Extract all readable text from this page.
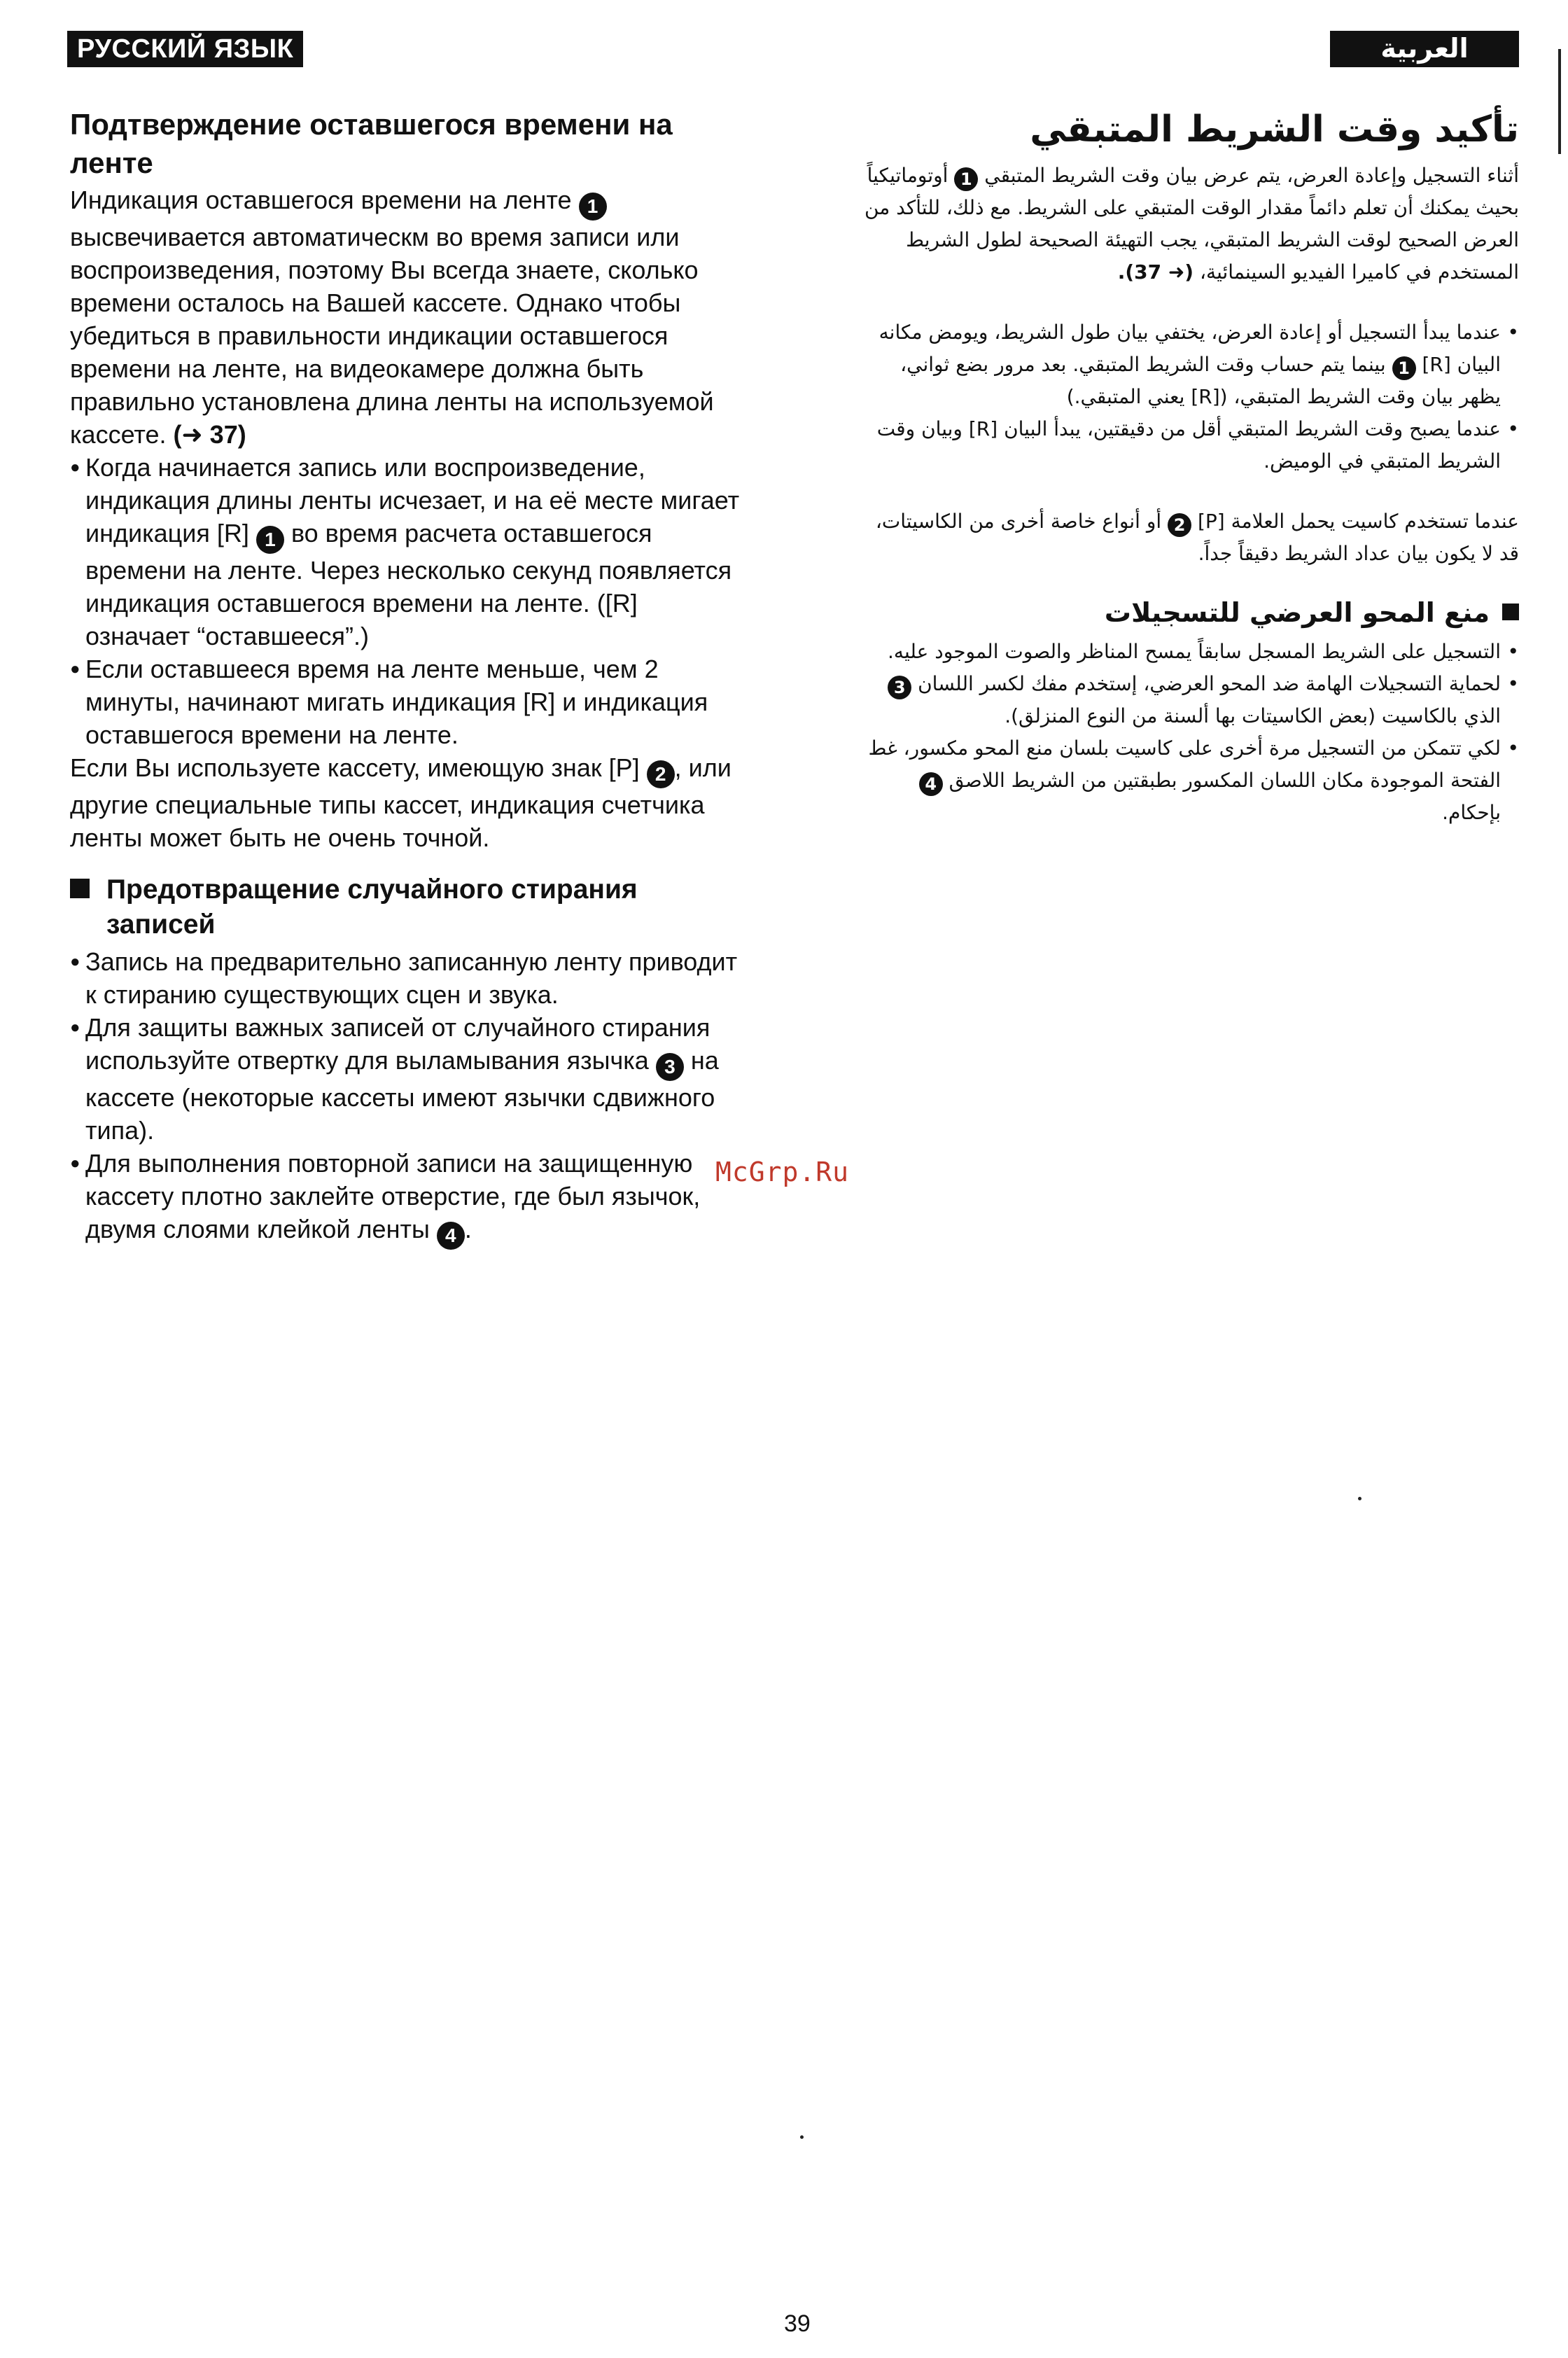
РУССКИЙ ЯЗЫК	العربية
Подтверждение оставшегося времени на ленте

Индикация оставшегося времени на ленте 1 высвечивается автоматическм во время записи или воспроизведения, поэтому Вы всегда знаете, сколько времени осталось на Вашей кассете. Однако чтобы убедиться в правильности индикации оставшегося времени на ленте, на видеокамере должна быть правильно установлена длина ленты на используемой кассете. (➜ 37)

● Когда начинается запись или воспроизведение, индикация длины ленты исчезает, и на её месте мигает индикация [R] 1 во время расчета оставшегося времени на ленте. Через несколько секунд появляется индикация оставшегося времени на ленте. ([R] означает “оставшееся”.)

● Если оставшееся время на ленте меньше, чем 2 минуты, начинают мигать индикация [R] и индикация оставшегося времени на ленте.

Если Вы используете кассету, имеющую знак [P] 2 , или другие специальные типы кассет, индикация счетчика ленты может быть не очень точной.

Предотвращение случайного стирания записей

● Запись на предварительно записанную ленту приводит к стиранию существующих сцен и звука.

● Для защиты важных записей от случайного стирания используйте отвертку для выламывания язычка 3 на кассете (некоторые кассеты имеют язычки сдвижного типа).

● Для выполнения повторной записи на защищенную кассету плотно заклейте отверстие, где был язычок, двумя слоями клейкой ленты 4 .

تأكيد وقت الشريط المتبقي

أثناء التسجيل وإعادة العرض، يتم عرض بيان وقت الشريط المتبقي 1 أوتوماتيكياً بحيث يمكنك أن تعلم دائماً مقدار الوقت المتبقي على الشريط. مع ذلك، للتأكد من العرض الصحيح لوقت الشريط المتبقي، يجب التهيئة الصحيحة لطول الشريط المستخدم في كاميرا الفيديو السينمائية، (➜ 37).

• عندما يبدأ التسجيل أو إعادة العرض، يختفي بيان طول الشريط، ويومض مكانه البيان [R] 1 بينما يتم حساب وقت الشريط المتبقي. بعد مرور بضع ثواني، يظهر بيان وقت الشريط المتبقي، ([R] يعني المتبقي.)

• عندما يصبح وقت الشريط المتبقي أقل من دقيقتين، يبدأ البيان [R] وبيان وقت الشريط المتبقي في الوميض.

عندما تستخدم كاسيت يحمل العلامة [P] 2 أو أنواع خاصة أخرى من الكاسيتات، قد لا يكون بيان عداد الشريط دقيقاً جداً.

منع المحو العرضي للتسجيلات

• التسجيل على الشريط المسجل سابقاً يمسح المناظر والصوت الموجود عليه.

• لحماية التسجيلات الهامة ضد المحو العرضي، إستخدم مفك لكسر اللسان 3 الذي بالكاسيت (بعض الكاسيتات بها ألسنة من النوع المنزلق).

• لكي تتمكن من التسجيل مرة أخرى على كاسيت بلسان منع المحو مكسور، غط الفتحة الموجودة مكان اللسان المكسور بطبقتين من الشريط اللاصق 4 بإحكام.

McGrp.Ru
39
